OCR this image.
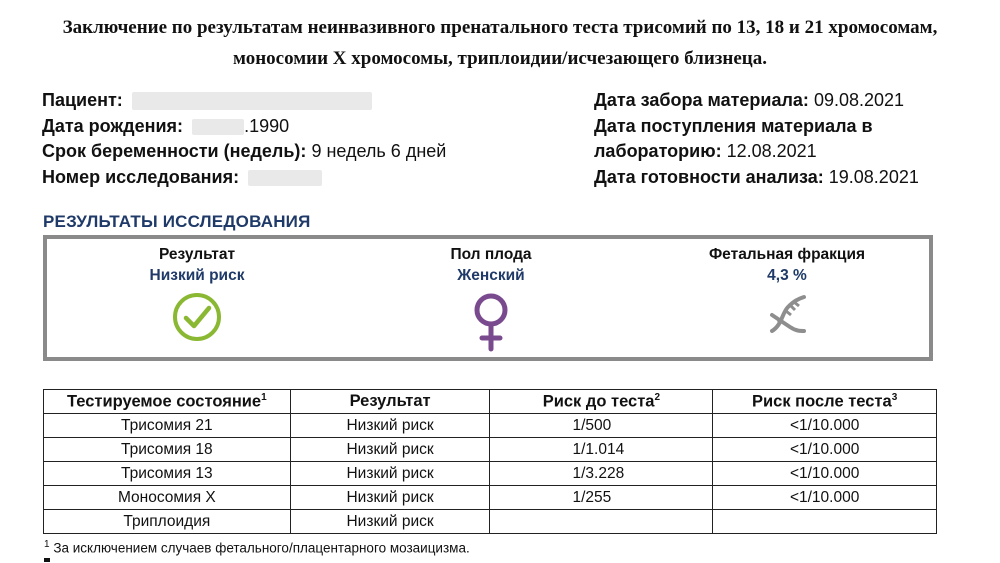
Заключение по результатам неинвазивного пренатального теста трисомий по 13, 18 и 21 хромосомам, моносомии X хромосомы, триплоидии/исчезающего близнеца.
Пациент:
Дата рождения:	.1990
Срок беременности (недель): 9 недель 6 дней
Номер исследования:
Дата забора материала: 09.08.2021
Дата поступления материала в
лабораторию: 12.08.2021
Дата готовности анализа: 19.08.2021
РЕЗУЛЬТАТЫ ИССЛЕДОВАНИЯ
Результат
Низкий риск
Пол плода
Женский
Фетальная фракция
4,3 %
Тестируемое состояние$^1$	Результат	Риск до теста$^2$	Риск после теста$^3$
Трисомия 21	Низкий риск	1/500	<1/10.000
Трисомия 18	Низкий риск	1/1.014	<1/10.000
Трисомия 13	Низкий риск	1/3.228	<1/10.000
Моносомия X	Низкий риск	1/255	<1/10.000
Триплоидия	Низкий риск		
$^1$ За исключением случаев фетального/плацентарного мозаицизма.
